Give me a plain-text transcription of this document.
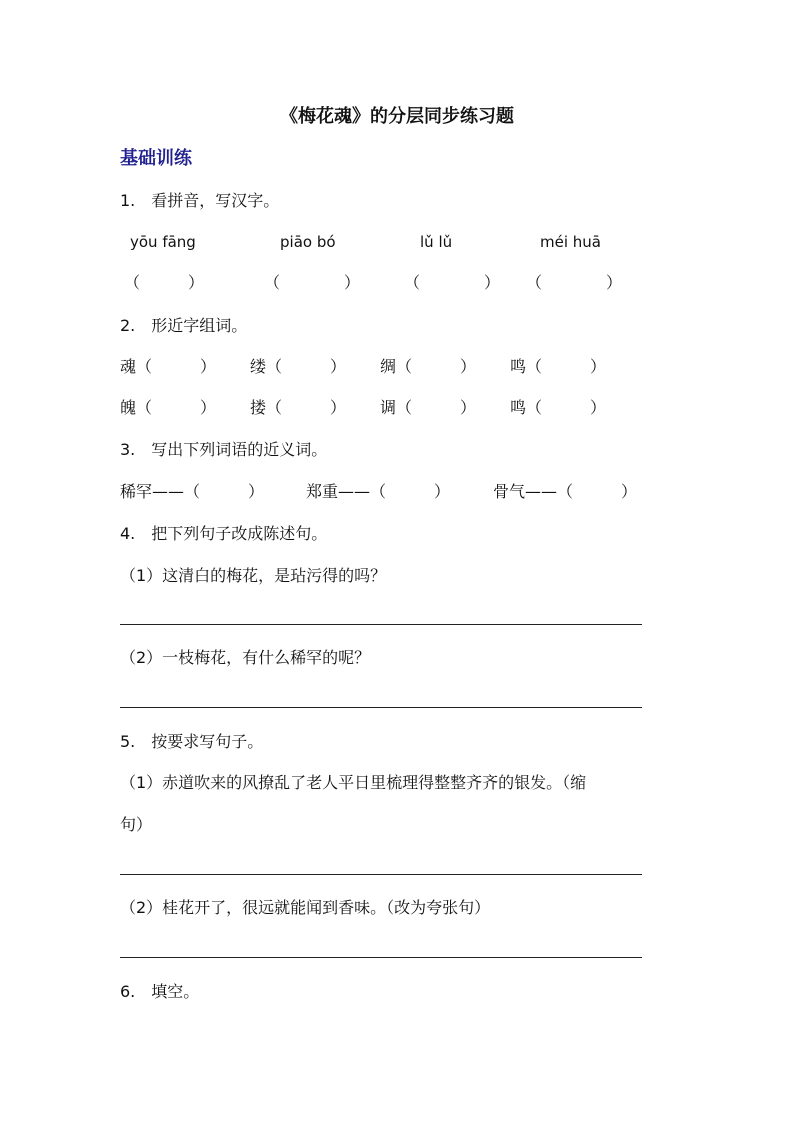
《梅花魂》的分层同步练习题
基础训练
1.　看拼音，写汉字。
yōu fāng	piāo bó	lǔ lǔ	méi huā
（　　　）	（　　　　）	（　　　　） （　　　　）
2.　形近字组词。
魂（　　　） 缕（　　　） 绸（　　　） 鸣（　　　）
魄（　　　） 搂（　　　） 调（　　　） 鸣（　　　）
3.　写出下列词语的近义词。
稀罕——（　　　）	郑重——（　　　）	骨气——（　　　）
4.　把下列句子改成陈述句。
（1）这清白的梅花，是玷污得的吗？
（2）一枝梅花，有什么稀罕的呢？
5.　按要求写句子。
（1）赤道吹来的风撩乱了老人平日里梳理得整整齐齐的银发。（缩
句）
（2）桂花开了，很远就能闻到香味。（改为夸张句）
6.　填空。
